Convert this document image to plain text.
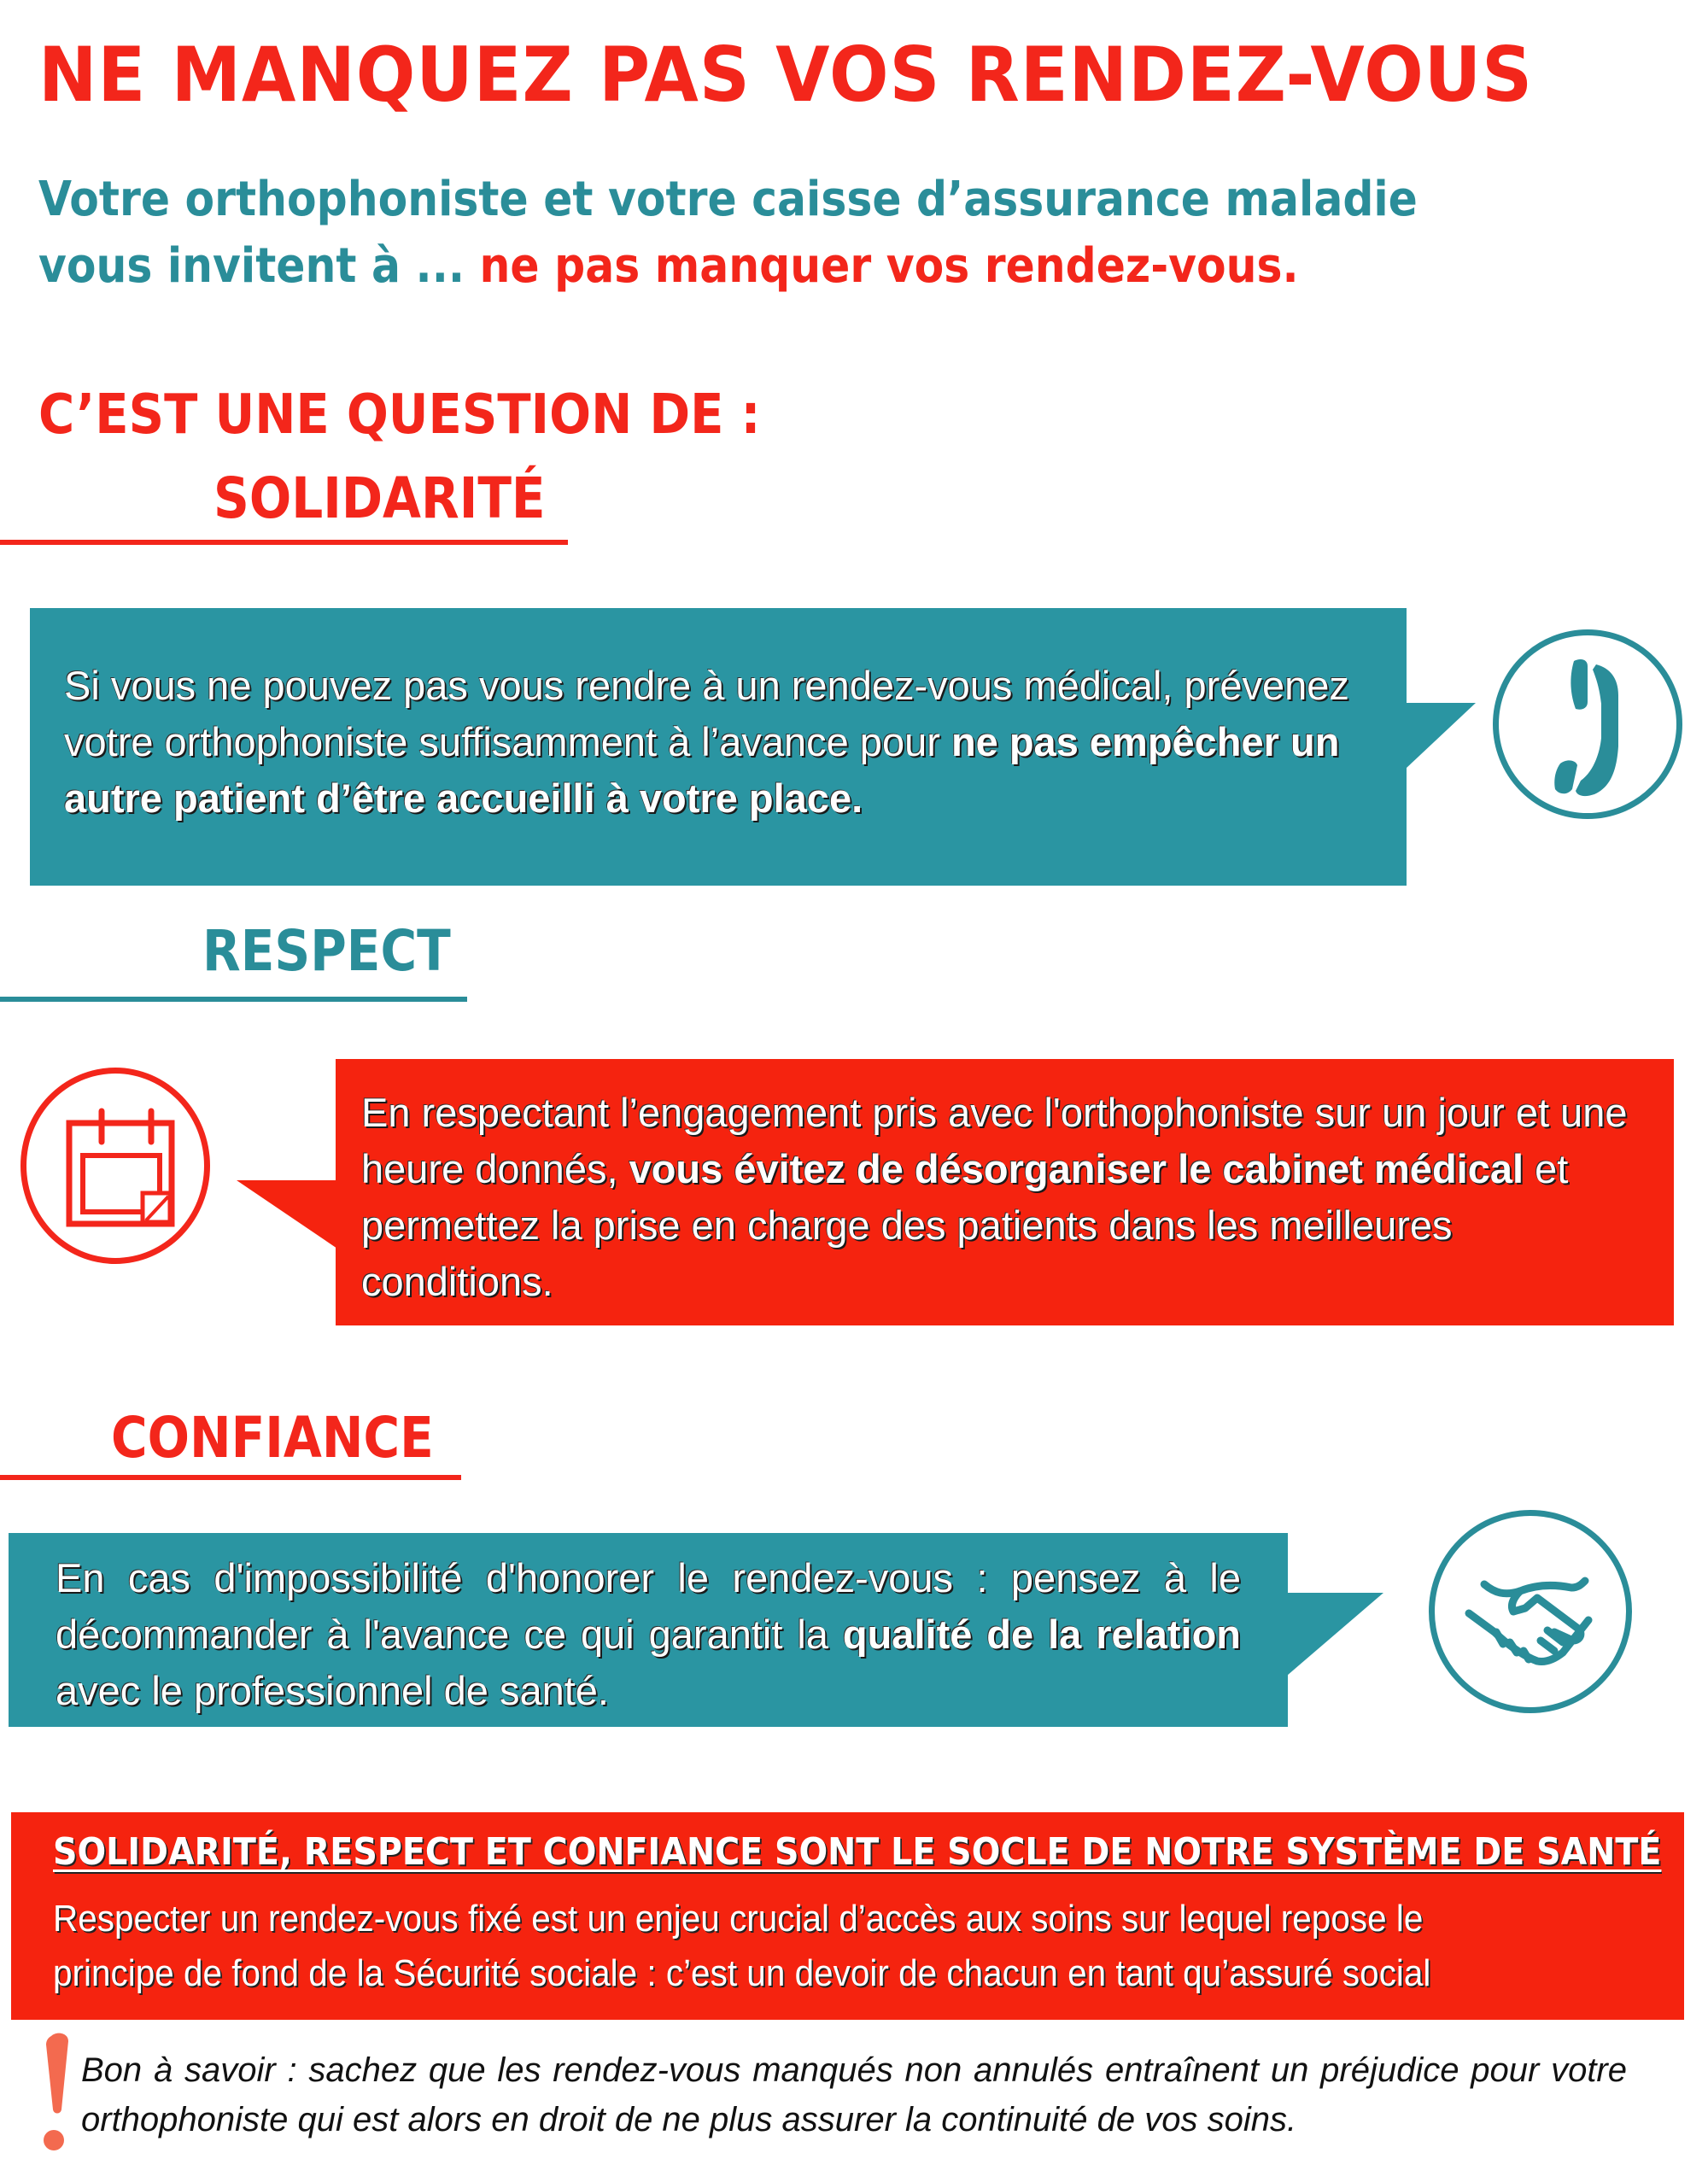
NE MANQUEZ PAS VOS RENDEZ-VOUS
Votre orthophoniste et votre caisse d’assurance maladie
vous invitent à ... ne pas manquer vos rendez-vous.
C’EST UNE QUESTION DE :
SOLIDARITÉ
Si vous ne pouvez pas vous rendre à un rendez-vous médical, prévenez votre orthophoniste suffisamment à l’avance pour ne pas empêcher un autre patient d’être accueilli à votre place.
RESPECT
En respectant l’engagement pris avec l'orthophoniste sur un jour et une heure donnés, vous évitez de désorganiser le cabinet médical et permettez la prise en charge des patients dans les meilleures conditions.
CONFIANCE
En cas d'impossibilité d'honorer le rendez-vous : pensez à le décommander à l'avance ce qui garantit la qualité de la relation avec le professionnel de santé.
SOLIDARITÉ, RESPECT ET CONFIANCE SONT LE SOCLE DE NOTRE SYSTÈME DE SANTÉ
Respecter un rendez-vous fixé est un enjeu crucial d’accès aux soins sur lequel repose le principe de fond de la Sécurité sociale : c’est un devoir de chacun en tant qu’assuré social
Bon à savoir : sachez que les rendez-vous manqués non annulés entraînent un préjudice pour votre orthophoniste qui est alors en droit de ne plus assurer la continuité de vos soins.
